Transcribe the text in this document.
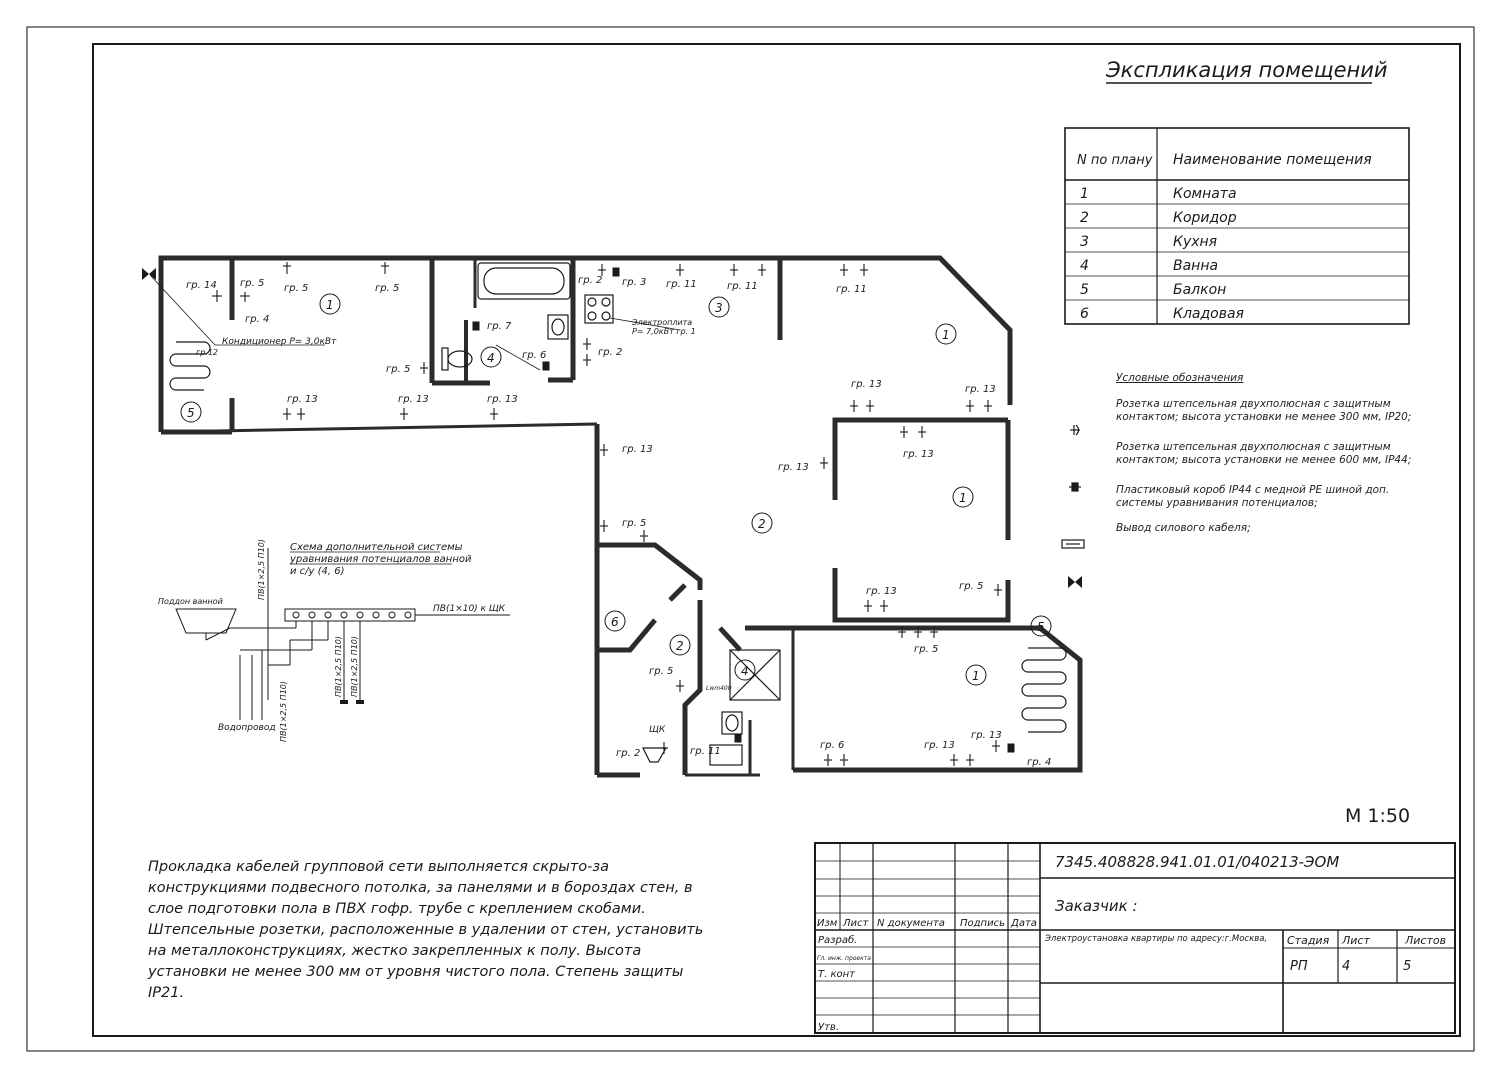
Экспликация помещений
N по плану Наименование помещения
1	Комната
2	Коридор
3	Кухня
4	Ванна
5	Балкон
6	Кладовая
1
1
1
1
2
2
3
4
4
5
5
6
гр. 14 гр. 5 гр. 5	гр. 5
гр. 4
гр. 2 гр. 3 гр. 11	гр. 11	гр. 11
гр. 7
гр. 6	гр. 2
гр. 5
гр. 13	гр. 13	гр. 13
гр. 13	гр. 13
гр. 13	гр. 13
гр. 13
гр. 5
гр. 13	гр. 5
гр. 5
гр. 5
гр. 2	гр. 11
гр. 6	гр. 13
гр. 13
гр. 4
Кондиционер Р= 3,0кВт
гр.12
Электроплита
Р= 7,0кВт гр. 1
ЩК
Lwm400
Схема дополнительной системы
уравнивания потенциалов ванной
и с/у (4, 6)
Поддон ванной
Водопровод
ПВ(1×10) к ЩК
ПВ(1×2,5 П10)
ПВ(1×2,5 П10)
ПВ(1×2,5 П10) ПВ(1×2,5 П10)
М 1:50
7345.408828.941.01.01/040213-ЭОМ
Заказчик :
Электроустановка квартиры по адресу:г.Москва,
Изм Лист N документа Подпись Дата
Разраб.
Гл. инж. проекта
Т. конт
Утв.
Стадия Лист	Листов
РП	4	5
Условные обозначения
Розетка штепсельная двухполюсная с защитным контактом; высота установки не менее 300 мм, IP20;
Розетка штепсельная двухполюсная с защитным контактом; высота установки не менее 600 мм, IP44;
Пластиковый короб IP44 с медной PE шиной доп. системы уравнивания потенциалов;
Вывод силового кабеля;

Прокладка кабелей групповой сети выполняется скрыто-за конструкциями подвесного потолка, за панелями и в бороздах стен, в слое подготовки пола в ПВХ гофр. трубе с креплением скобами. Штепсельные розетки, расположенные в удалении от стен, установить на металлоконструкциях, жестко закрепленных к полу. Высота установки не менее 300 мм от уровня чистого пола. Степень защиты IP21.
